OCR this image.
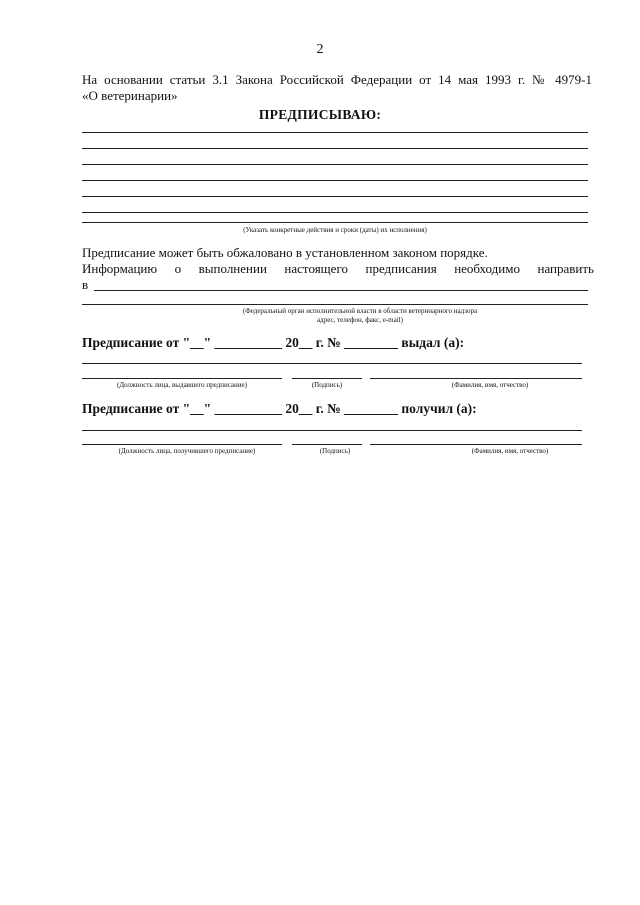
2
На основании статьи 3.1 Закона Российской Федерации от 14 мая 1993 г. № 4979-1
«О ветеринарии»
ПРЕДПИСЫВАЮ:
(Указать конкретные действия и сроки (даты) их исполнения)
Предписание может быть обжаловано в установленном законом порядке.
Информацию о выполнении настоящего предписания необходимо направить
в
(Федеральный орган исполнительной власти в области ветеринарного надзора
адрес, телефон, факс, e-mail)
Предписание от "__" __________ 20__ г. № ________ выдал (а):
(Должность лица, выдавшего предписание)	(Подпись)	(Фамилия, имя, отчество)
Предписание от "__" __________ 20__ г. № ________ получил (а):
(Должность лица, получившего предписание)	(Подпись)	(Фамилия, имя, отчество)
